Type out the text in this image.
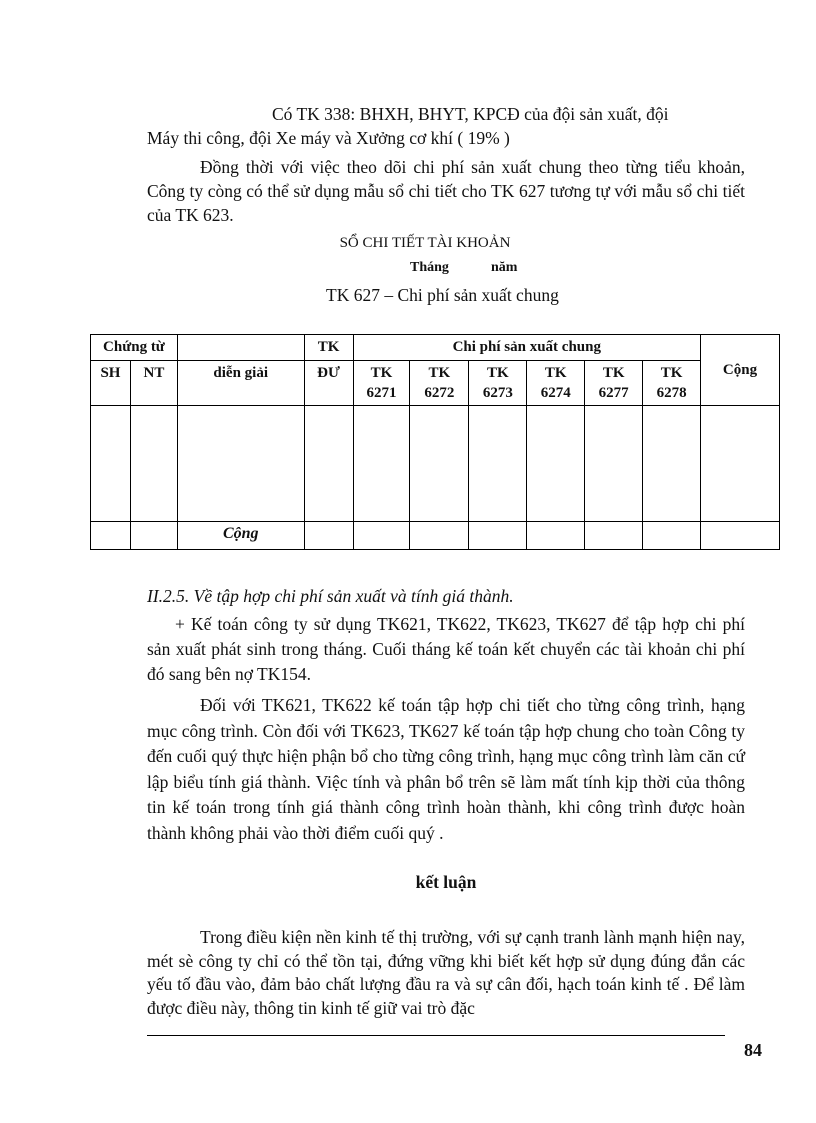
Có TK 338: BHXH, BHYT, KPCĐ của đội sản xuất, đội

Máy thi công, đội Xe máy và Xưởng cơ khí ( 19% )

Đồng thời với việc theo dõi chi phí sản xuất chung theo từng tiểu khoản, Công ty còng có thể sử dụng mẫu sổ chi tiết cho TK 627 tương tự với mẫu sổ chi tiết của TK 623.

SỔ CHI TIẾT TÀI KHOẢN

Tháng	năm

TK 627 – Chi phí sản xuất chung

Chứng từ			TK	Chi phí sản xuất chung						Cộng
SH	NT	diễn giải	ĐƯ	TK 6271	TK 6272	TK 6273	TK 6274	TK 6277	TK 6278	

		Cộng								

II.2.5. Về tập hợp chi phí sản xuất và tính giá thành.

+ Kế toán công ty sử dụng TK621, TK622, TK623, TK627 để tập hợp chi phí sản xuất phát sinh trong tháng. Cuối tháng kế toán kết chuyển các tài khoản chi phí đó sang bên nợ TK154.

Đối với TK621, TK622 kế toán tập hợp chi tiết cho từng công trình, hạng mục công trình. Còn đối với TK623, TK627 kế toán tập hợp chung cho toàn Công ty đến cuối quý thực hiện phận bổ cho từng công trình, hạng mục công trình làm căn cứ lập biểu tính giá thành. Việc tính và phân bổ trên sẽ làm mất tính kịp thời của thông tin kế toán trong tính giá thành công trình hoàn thành, khi công trình được hoàn thành không phải vào thời điểm cuối quý .

kết luận

Trong điều kiện nền kinh tế thị trường, với sự cạnh tranh lành mạnh hiện nay, mét sè công ty chỉ có thể tồn tại, đứng vững khi biết kết hợp sử dụng đúng đắn các yếu tố đầu vào, đảm bảo chất lượng đầu ra và sự cân đối, hạch toán kinh tế . Để làm được điều này, thông tin kinh tế giữ vai trò đặc

84
